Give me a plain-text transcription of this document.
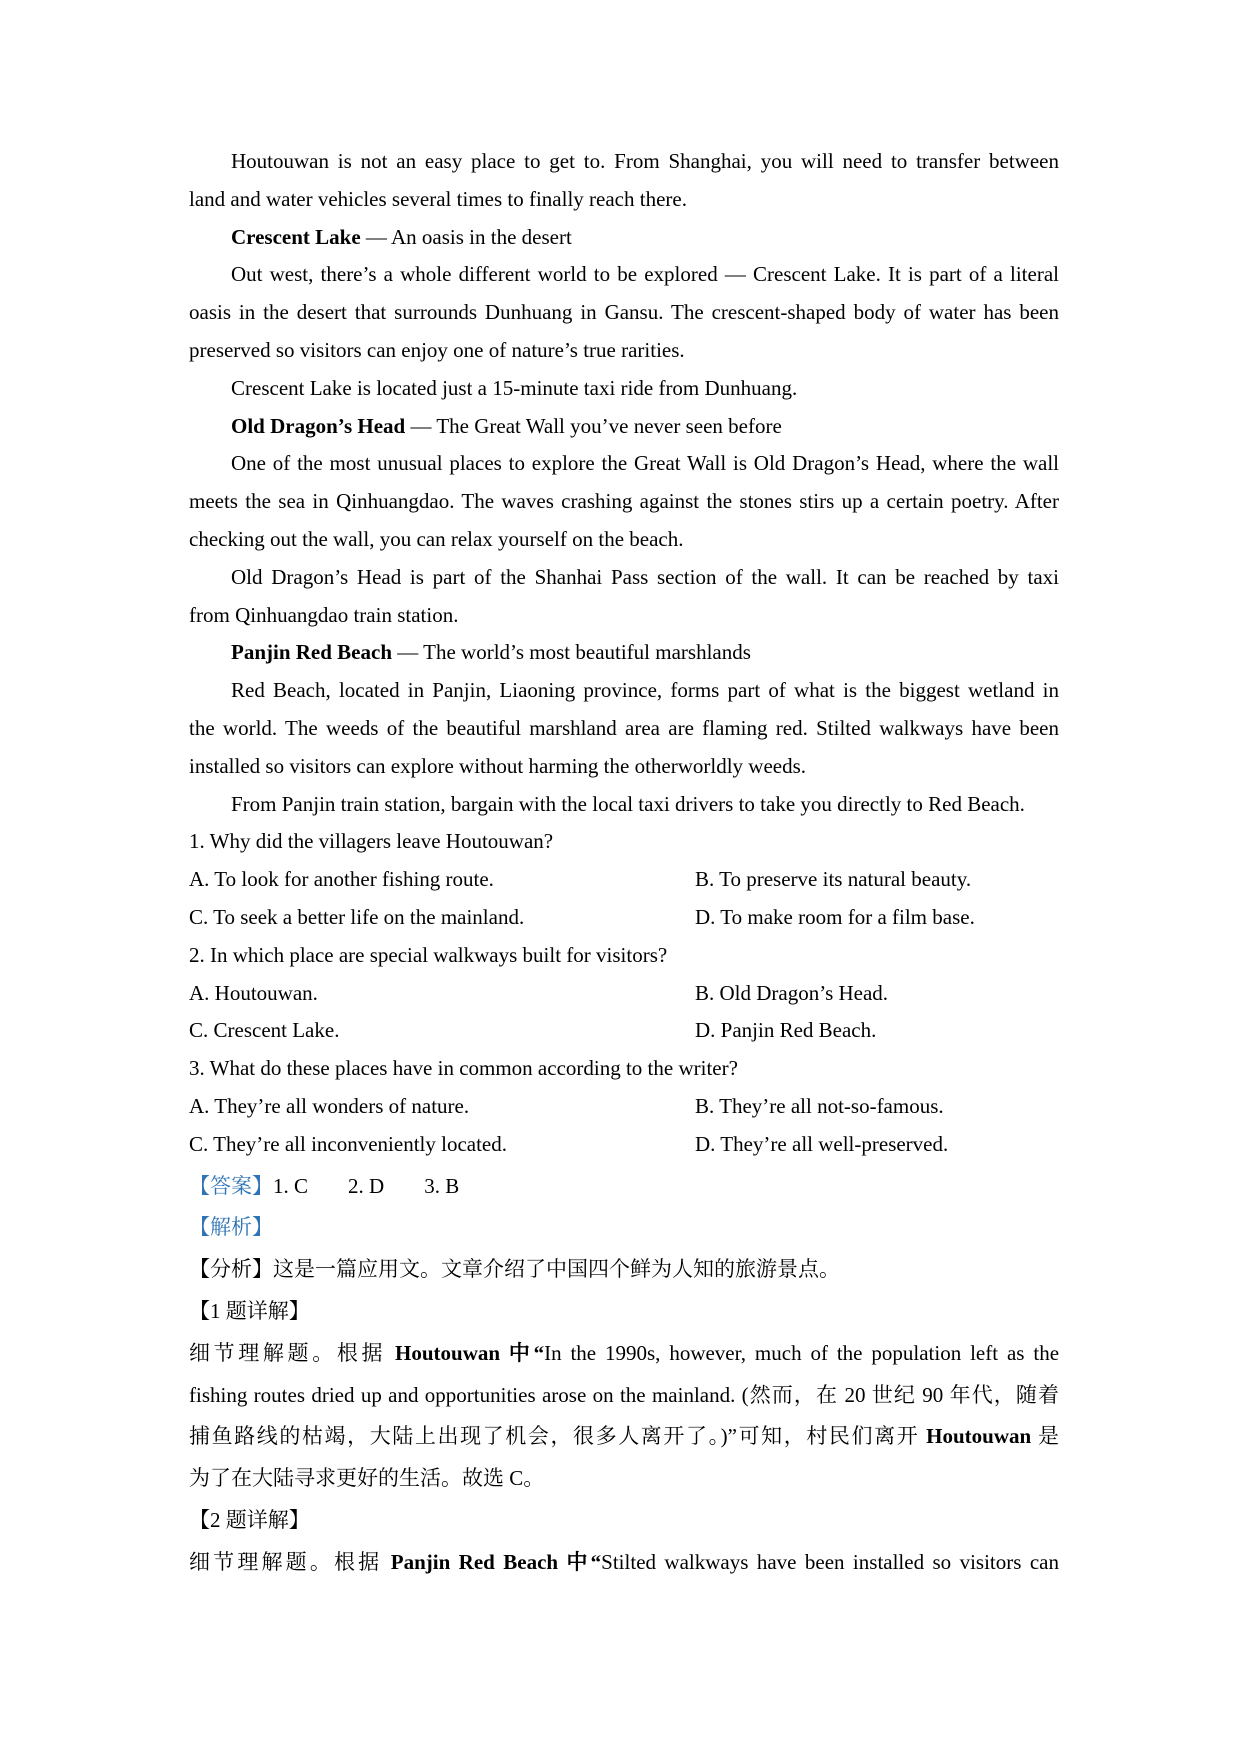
Houtouwan is not an easy place to get to. From Shanghai, you will need to transfer between
land and water vehicles several times to finally reach there.
Crescent Lake — An oasis in the desert
Out west, there’s a whole different world to be explored — Crescent Lake. It is part of a literal
oasis in the desert that surrounds Dunhuang in Gansu. The crescent-shaped body of water has been
preserved so visitors can enjoy one of nature’s true rarities.
Crescent Lake is located just a 15-minute taxi ride from Dunhuang.
Old Dragon’s Head — The Great Wall you’ve never seen before
One of the most unusual places to explore the Great Wall is Old Dragon’s Head, where the wall
meets the sea in Qinhuangdao. The waves crashing against the stones stirs up a certain poetry. After
checking out the wall, you can relax yourself on the beach.
Old Dragon’s Head is part of the Shanhai Pass section of the wall. It can be reached by taxi
from Qinhuangdao train station.
Panjin Red Beach — The world’s most beautiful marshlands
Red Beach, located in Panjin, Liaoning province, forms part of what is the biggest wetland in
the world. The weeds of the beautiful marshland area are flaming red. Stilted walkways have been
installed so visitors can explore without harming the otherworldly weeds.
From Panjin train station, bargain with the local taxi drivers to take you directly to Red Beach.
1. Why did the villagers leave Houtouwan?
A. To look for another fishing route.	B. To preserve its natural beauty.
C. To seek a better life on the mainland.	D. To make room for a film base.
2. In which place are special walkways built for visitors?
A. Houtouwan.	B. Old Dragon’s Head.
C. Crescent Lake.	D. Panjin Red Beach.
3. What do these places have in common according to the writer?
A. They’re all wonders of nature.	B. They’re all not-so-famous.
C. They’re all inconveniently located.	D. They’re all well-preserved.
【答案】1. C 2. D 3. B
【解析】
【分析】这是一篇应用文。文章介绍了中国四个鲜为人知的旅游景点。
【1 题详解】
细节理解题。根据 Houtouwan 中“In the 1990s, however, much of the population left as the
fishing routes dried up and opportunities arose on the mainland. (然而，在 20 世纪 90 年代，随着
捕鱼路线的枯竭，大陆上出现了机会，很多人离开了。)”可知，村民们离开 Houtouwan 是
为了在大陆寻求更好的生活。故选 C。
【2 题详解】
细节理解题。根据 Panjin Red Beach 中“Stilted walkways have been installed so visitors can
